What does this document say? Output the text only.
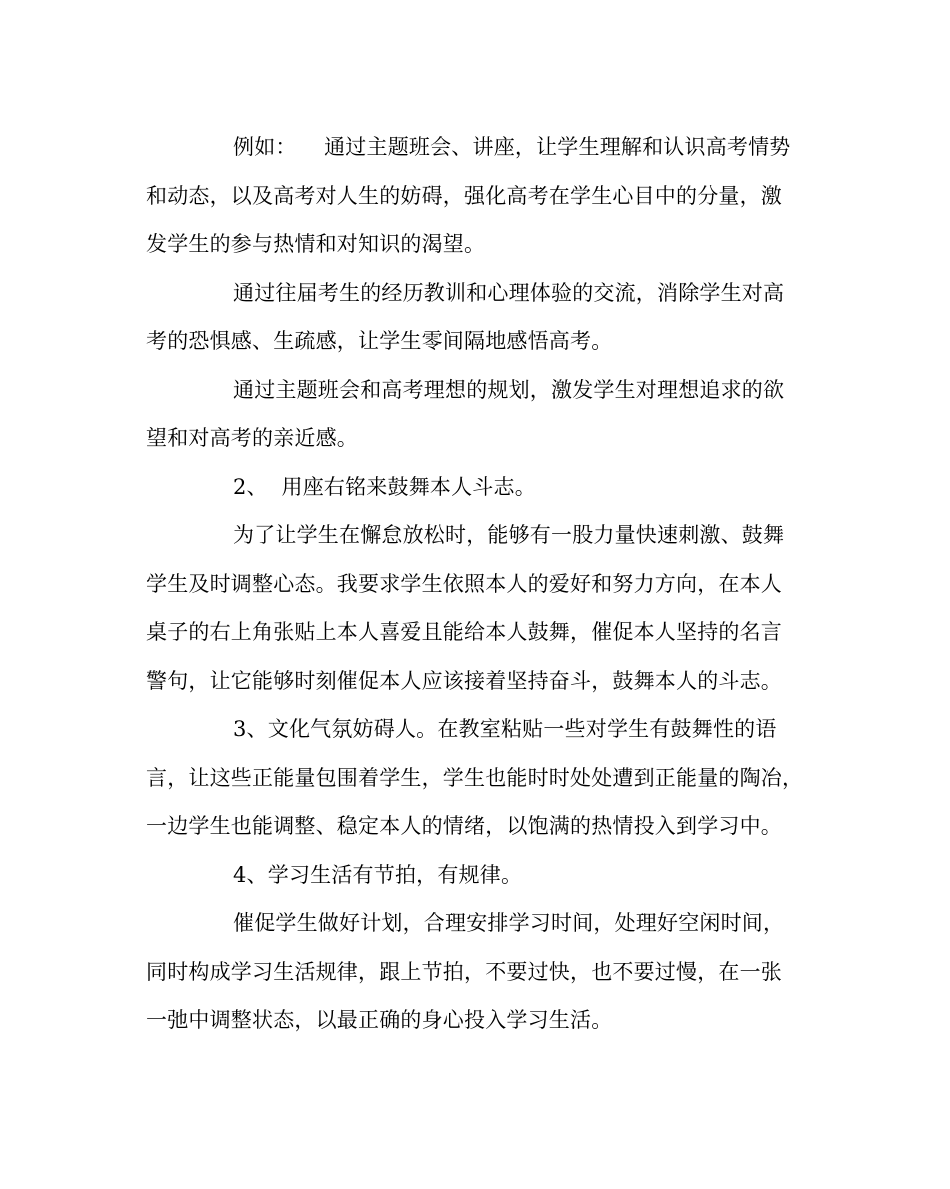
例如：    通过主题班会、讲座，让学生理解和认识高考情势
和动态，以及高考对人生的妨碍，强化高考在学生心目中的分量，激
发学生的参与热情和对知识的渴望。
通过往届考生的经历教训和心理体验的交流，消除学生对高
考的恐惧感、生疏感，让学生零间隔地感悟高考。
通过主题班会和高考理想的规划，激发学生对理想追求的欲
望和对高考的亲近感。
2、  用座右铭来鼓舞本人斗志。
为了让学生在懈怠放松时，能够有一股力量快速刺激、鼓舞
学生及时调整心态。我要求学生依照本人的爱好和努力方向，在本人
桌子的右上角张贴上本人喜爱且能给本人鼓舞，催促本人坚持的名言
警句，让它能够时刻催促本人应该接着坚持奋斗，鼓舞本人的斗志。
3、文化气氛妨碍人。在教室粘贴一些对学生有鼓舞性的语
言，让这些正能量包围着学生，学生也能时时处处遭到正能量的陶冶，
一边学生也能调整、稳定本人的情绪，以饱满的热情投入到学习中。
4、学习生活有节拍，有规律。
催促学生做好计划，合理安排学习时间，处理好空闲时间，
同时构成学习生活规律，跟上节拍，不要过快，也不要过慢，在一张
一弛中调整状态，以最正确的身心投入学习生活。
